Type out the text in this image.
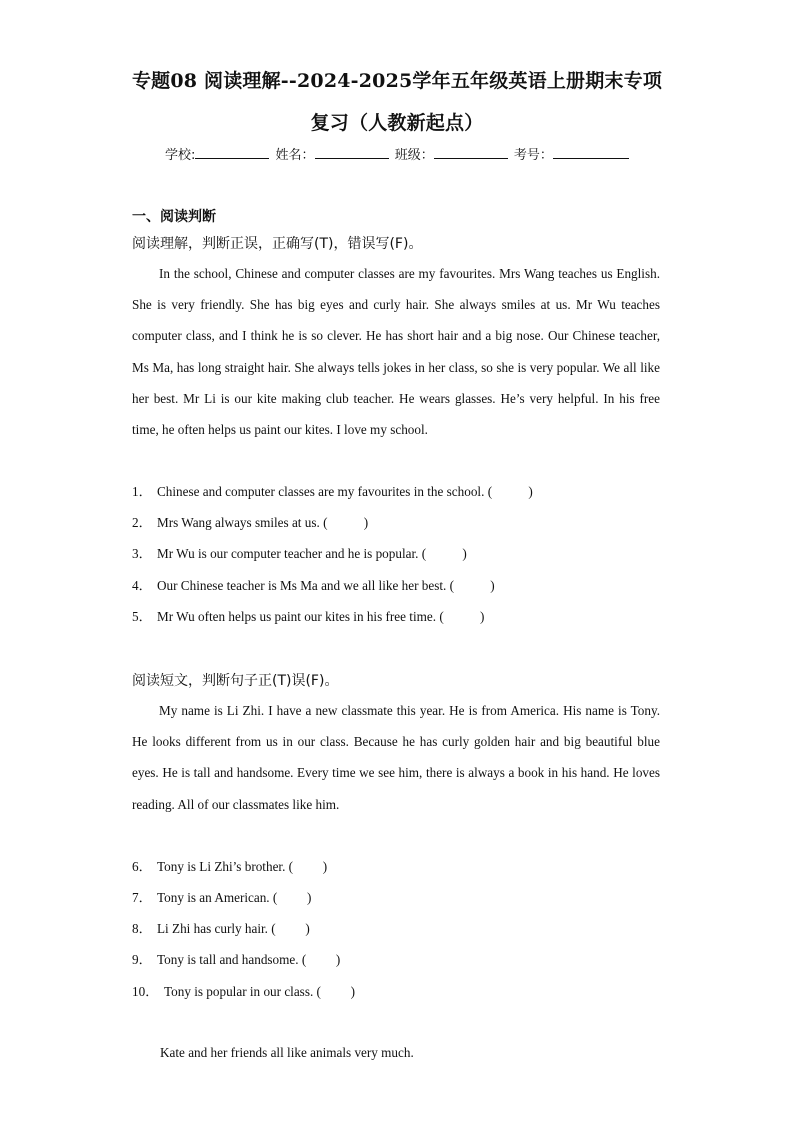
专题08 阅读理解--2024-2025学年五年级英语上册期末专项
复习（人教新起点）
学校:	姓名：	班级：	考号：
一、阅读判断
阅读理解，判断正误，正确写(T)，错误写(F)。
In the school, Chinese and computer classes are my favourites. Mrs Wang teaches us English. She is very friendly. She has big eyes and curly hair. She always smiles at us. Mr Wu teaches computer class, and I think he is so clever. He has short hair and a big nose. Our Chinese teacher, Ms Ma, has long straight hair. She always tells jokes in her class, so she is very popular. We all like her best. Mr Li is our kite making club teacher. He wears glasses. He’s very helpful. In his free time, he often helps us paint our kites. I love my school.
1． Chinese and computer classes are my favourites in the school. (	)
2． Mrs Wang always smiles at us. (	)
3． Mr Wu is our computer teacher and he is popular. (	)
4． Our Chinese teacher is Ms Ma and we all like her best. (	)
5． Mr Wu often helps us paint our kites in his free time. (	)
阅读短文，判断句子正(T)误(F)。
My name is Li Zhi. I have a new classmate this year. He is from America. His name is Tony. He looks different from us in our class. Because he has curly golden hair and big beautiful blue eyes. He is tall and handsome. Every time we see him, there is always a book in his hand. He loves reading. All of our classmates like him.
6． Tony is Li Zhi’s brother. ( )
7． Tony is an American. ( )
8． Li Zhi has curly hair. ( )
9． Tony is tall and handsome. ( )
10． Tony is popular in our class. ( )
Kate and her friends all like animals very much.
